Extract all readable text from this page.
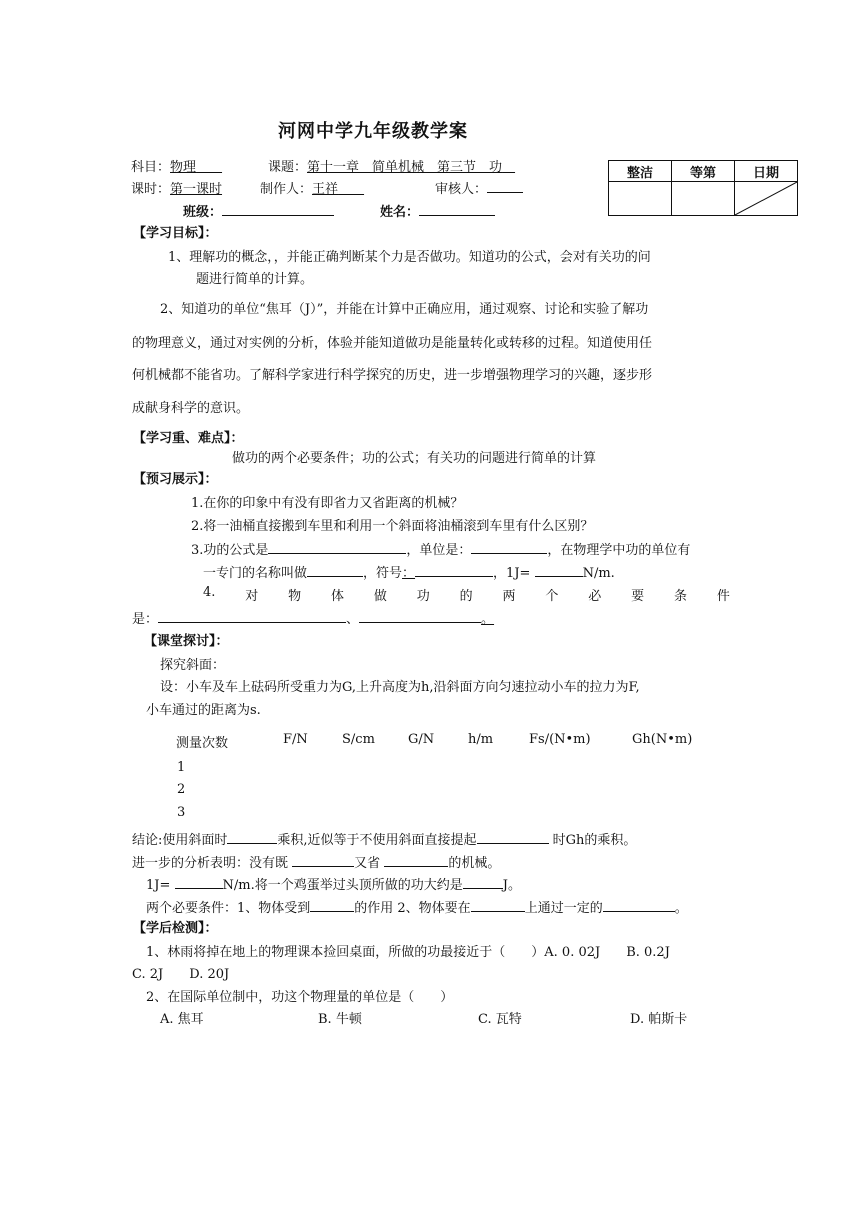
河网中学九年级教学案
科目：物理　　	课题：第十一章　简单机械　第三节　功　
课时：第一课时	制作人：王祥　　	审核人：
班级：	姓名：
整洁	等第	日期

【学习目标】：
1、理解功的概念，，并能正确判断某个力是否做功。知道功的公式，会对有关功的问
题进行简单的计算。
2、知道功的单位“焦耳（J）”，并能在计算中正确应用，通过观察、讨论和实验了解功
的物理意义，通过对实例的分析，体验并能知道做功是能量转化或转移的过程。知道使用任
何机械都不能省功。了解科学家进行科学探究的历史，进一步增强物理学习的兴趣，逐步形
成献身科学的意识。
【学习重、难点】：
做功的两个必要条件；功的公式；有关功的问题进行简单的计算
【预习展示】：
1.在你的印象中有没有即省力又省距离的机械？
2.将一油桶直接搬到车里和利用一个斜面将油桶滚到车里有什么区别？
3.功的公式是	，单位是：	，在物理学中功的单位有
一专门的名称叫做	，符号：	，1J=	N/m.
4. 对 物 体 做 功 的 两 个 必 要 条 件
是：	、	。
【课堂探讨】：
探究斜面：
设：小车及车上砝码所受重力为G,上升高度为h,沿斜面方向匀速拉动小车的拉力为F,
小车通过的距离为s.
测量次数	F/N	S/cm	G/N	h/m	Fs/(N•m)	Gh(N•m)
1
2
3
结论:使用斜面时	乘积,近似等于不使用斜面直接提起	时Gh的乘积。
进一步的分析表明：没有既	又省	的机械。
1J=	N/m.将一个鸡蛋举过头顶所做的功大约是	J。
两个必要条件：1、物体受到	的作用 2、物体要在	上通过一定的	。
【学后检测】：
1、林雨将掉在地上的物理课本捡回桌面，所做的功最接近于（　　）A. 0. 02J　　B. 0.2J
C. 2J　　D. 20J
2、在国际单位制中，功这个物理量的单位是（　　）
A. 焦耳	B. 牛顿	C. 瓦特	D. 帕斯卡
